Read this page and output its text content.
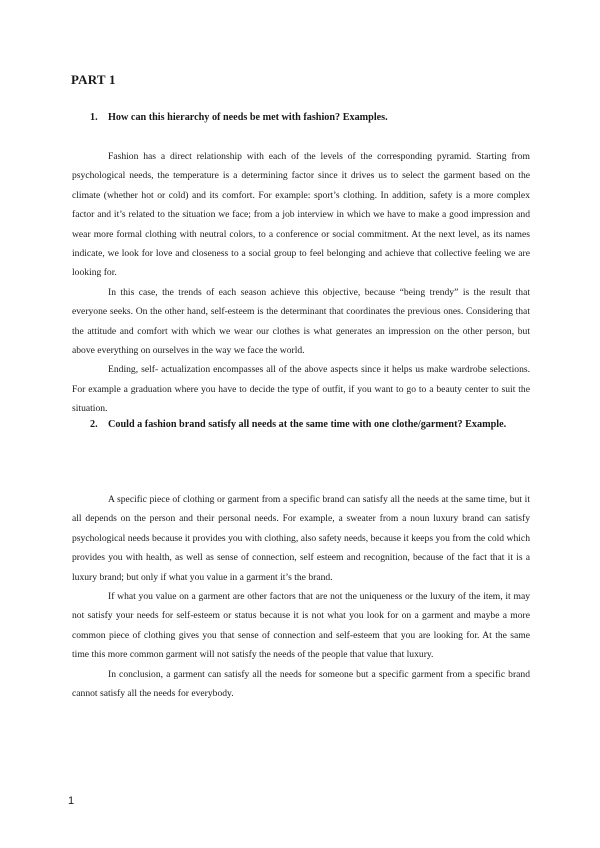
PART 1
1.	How can this hierarchy of needs be met with fashion? Examples.

Fashion has a direct relationship with each of the levels of the corresponding pyramid. Starting from psychological needs, the temperature is a determining factor since it drives us to select the garment based on the climate (whether hot or cold) and its comfort. For example: sport’s clothing. In addition, safety is a more complex factor and it’s related to the situation we face; from a job interview in which we have to make a good impression and wear more formal clothing with neutral colors, to a conference or social commitment. At the next level, as its names indicate, we look for love and closeness to a social group to feel belonging and achieve that collective feeling we are looking for.

In this case, the trends of each season achieve this objective, because “being trendy” is the result that everyone seeks. On the other hand, self-esteem is the determinant that coordinates the previous ones. Considering that the attitude and comfort with which we wear our clothes is what generates an impression on the other person, but above everything on ourselves in the way we face the world.

Ending, self- actualization encompasses all of the above aspects since it helps us make wardrobe selections. For example a graduation where you have to decide the type of outfit, if you want to go to a beauty center to suit the situation.

2.	Could a fashion brand satisfy all needs at the same time with one clothe/garment? Example.

A specific piece of clothing or garment from a specific brand can satisfy all the needs at the same time, but it all depends on the person and their personal needs. For example, a sweater from a noun luxury brand can satisfy psychological needs because it provides you with clothing, also safety needs, because it keeps you from the cold which provides you with health, as well as sense of connection, self esteem and recognition, because of the fact that it is a luxury brand; but only if what you value in a garment it’s the brand.

If what you value on a garment are other factors that are not the uniqueness or the luxury of the item, it may not satisfy your needs for self-esteem or status because it is not what you look for on a garment and maybe a more common piece of clothing gives you that sense of connection and self-esteem that you are looking for. At the same time this more common garment will not satisfy the needs of the people that value that luxury.

In conclusion, a garment can satisfy all the needs for someone but a specific garment from a specific brand cannot satisfy all the needs for everybody.

1
